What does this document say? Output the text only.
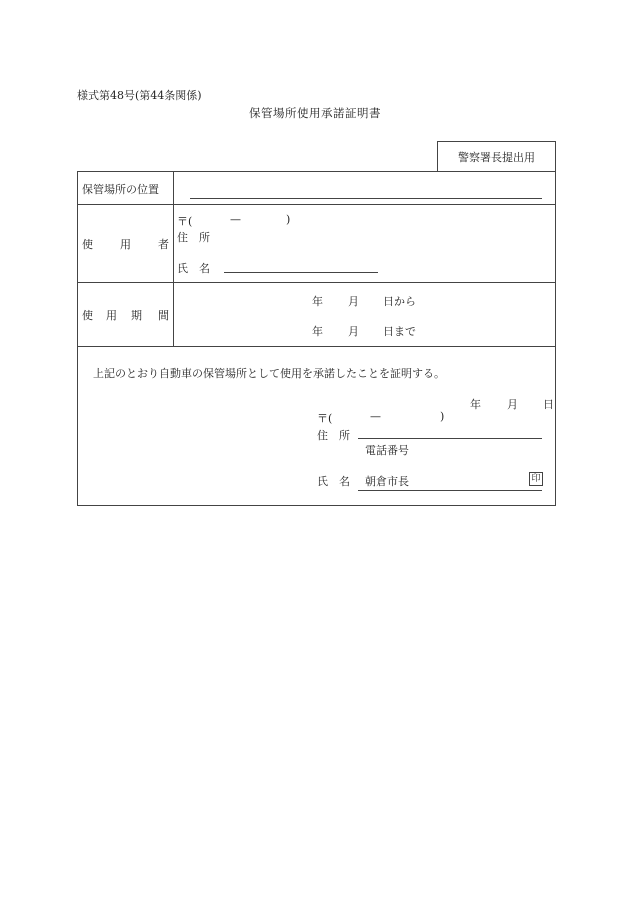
様式第48号(第44条関係)
保管場所使用承諾証明書
警察署長提出用
保管場所の位置
使 用 者
〒(	—	)
住　所
氏　名
使 用 期 間
年 月 日から
年 月 日まで
上記のとおり自動車の保管場所として使用を承諾したことを証明する。
年 月 日
〒(	—	)
住　所
電話番号
氏　名 朝倉市長	印
